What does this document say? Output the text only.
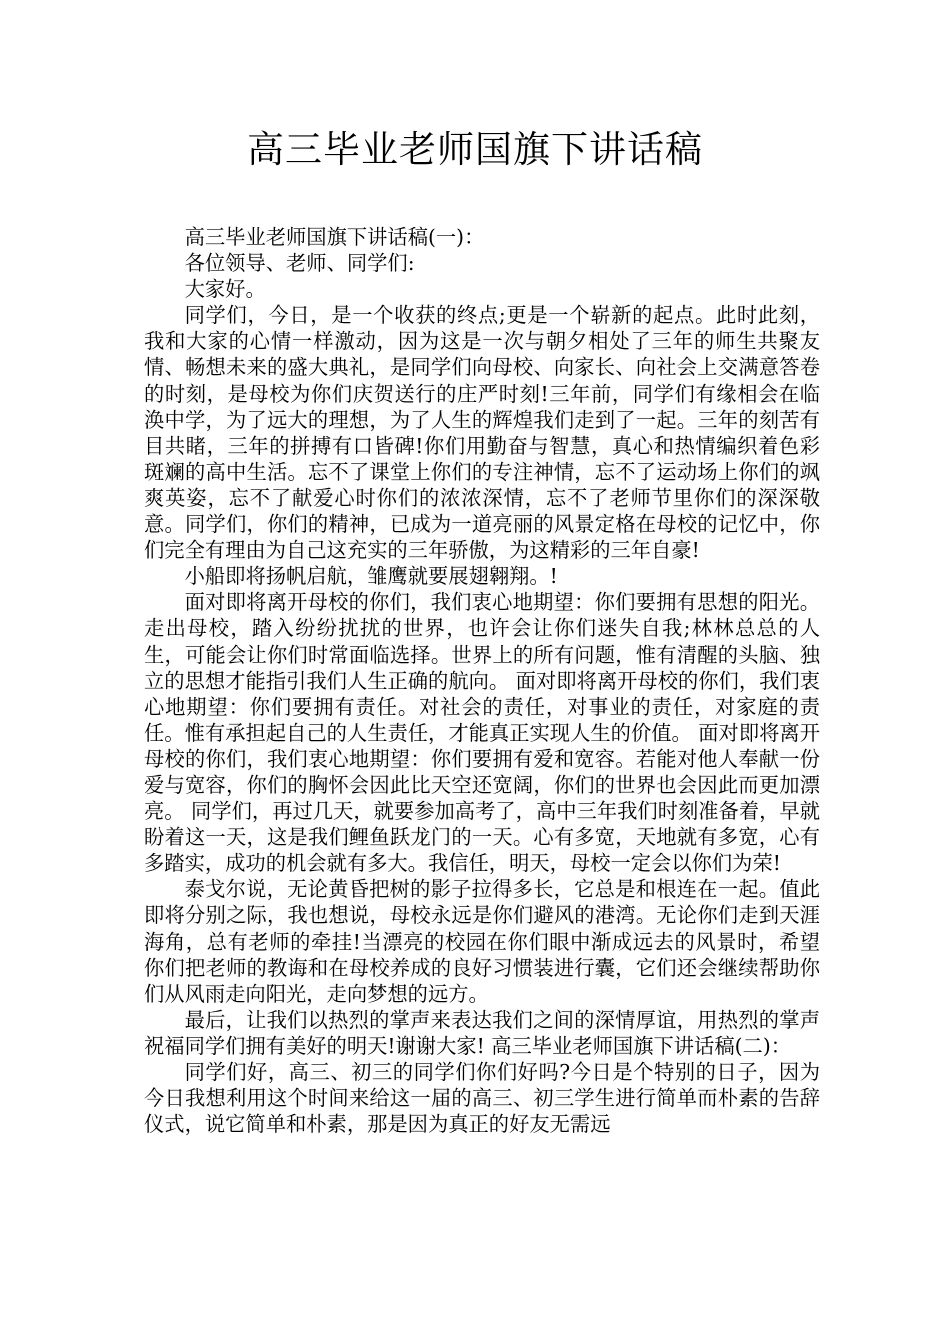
高三毕业老师国旗下讲话稿

高三毕业老师国旗下讲话稿(一)：

各位领导、老师、同学们:

大家好。

同学们，今日，是一个收获的终点;更是一个崭新的起点。此时此刻，我和大家的心情一样激动，因为这是一次与朝夕相处了三年的师生共聚友情、畅想未来的盛大典礼，是同学们向母校、向家长、向社会上交满意答卷的时刻，是母校为你们庆贺送行的庄严时刻!三年前，同学们有缘相会在临涣中学，为了远大的理想，为了人生的辉煌我们走到了一起。三年的刻苦有目共睹，三年的拼搏有口皆碑!你们用勤奋与智慧，真心和热情编织着色彩斑斓的高中生活。忘不了课堂上你们的专注神情，忘不了运动场上你们的飒爽英姿，忘不了献爱心时你们的浓浓深情，忘不了老师节里你们的深深敬意。同学们，你们的精神，已成为一道亮丽的风景定格在母校的记忆中，你们完全有理由为自己这充实的三年骄傲，为这精彩的三年自豪!

小船即将扬帆启航，雏鹰就要展翅翱翔。!

面对即将离开母校的你们，我们衷心地期望：你们要拥有思想的阳光。走出母校，踏入纷纷扰扰的世界，也许会让你们迷失自我;林林总总的人生，可能会让你们时常面临选择。世界上的所有问题，惟有清醒的头脑、独立的思想才能指引我们人生正确的航向。 面对即将离开母校的你们，我们衷心地期望：你们要拥有责任。对社会的责任，对事业的责任，对家庭的责任。惟有承担起自己的人生责任，才能真正实现人生的价值。 面对即将离开母校的你们，我们衷心地期望：你们要拥有爱和宽容。若能对他人奉献一份爱与宽容，你们的胸怀会因此比天空还宽阔，你们的世界也会因此而更加漂亮。 同学们，再过几天，就要参加高考了，高中三年我们时刻准备着，早就盼着这一天，这是我们鲤鱼跃龙门的一天。心有多宽，天地就有多宽，心有多踏实，成功的机会就有多大。我信任，明天，母校一定会以你们为荣!

泰戈尔说，无论黄昏把树的影子拉得多长，它总是和根连在一起。值此即将分别之际，我也想说，母校永远是你们避风的港湾。无论你们走到天涯海角，总有老师的牵挂!当漂亮的校园在你们眼中渐成远去的风景时，希望你们把老师的教诲和在母校养成的良好习惯装进行囊，它们还会继续帮助你们从风雨走向阳光，走向梦想的远方。

最后，让我们以热烈的掌声来表达我们之间的深情厚谊，用热烈的掌声祝福同学们拥有美好的明天!谢谢大家! 高三毕业老师国旗下讲话稿(二)：

同学们好，高三、初三的同学们你们好吗?今日是个特别的日子，因为今日我想利用这个时间来给这一届的高三、初三学生进行简单而朴素的告辞仪式，说它简单和朴素，那是因为真正的好友无需远
